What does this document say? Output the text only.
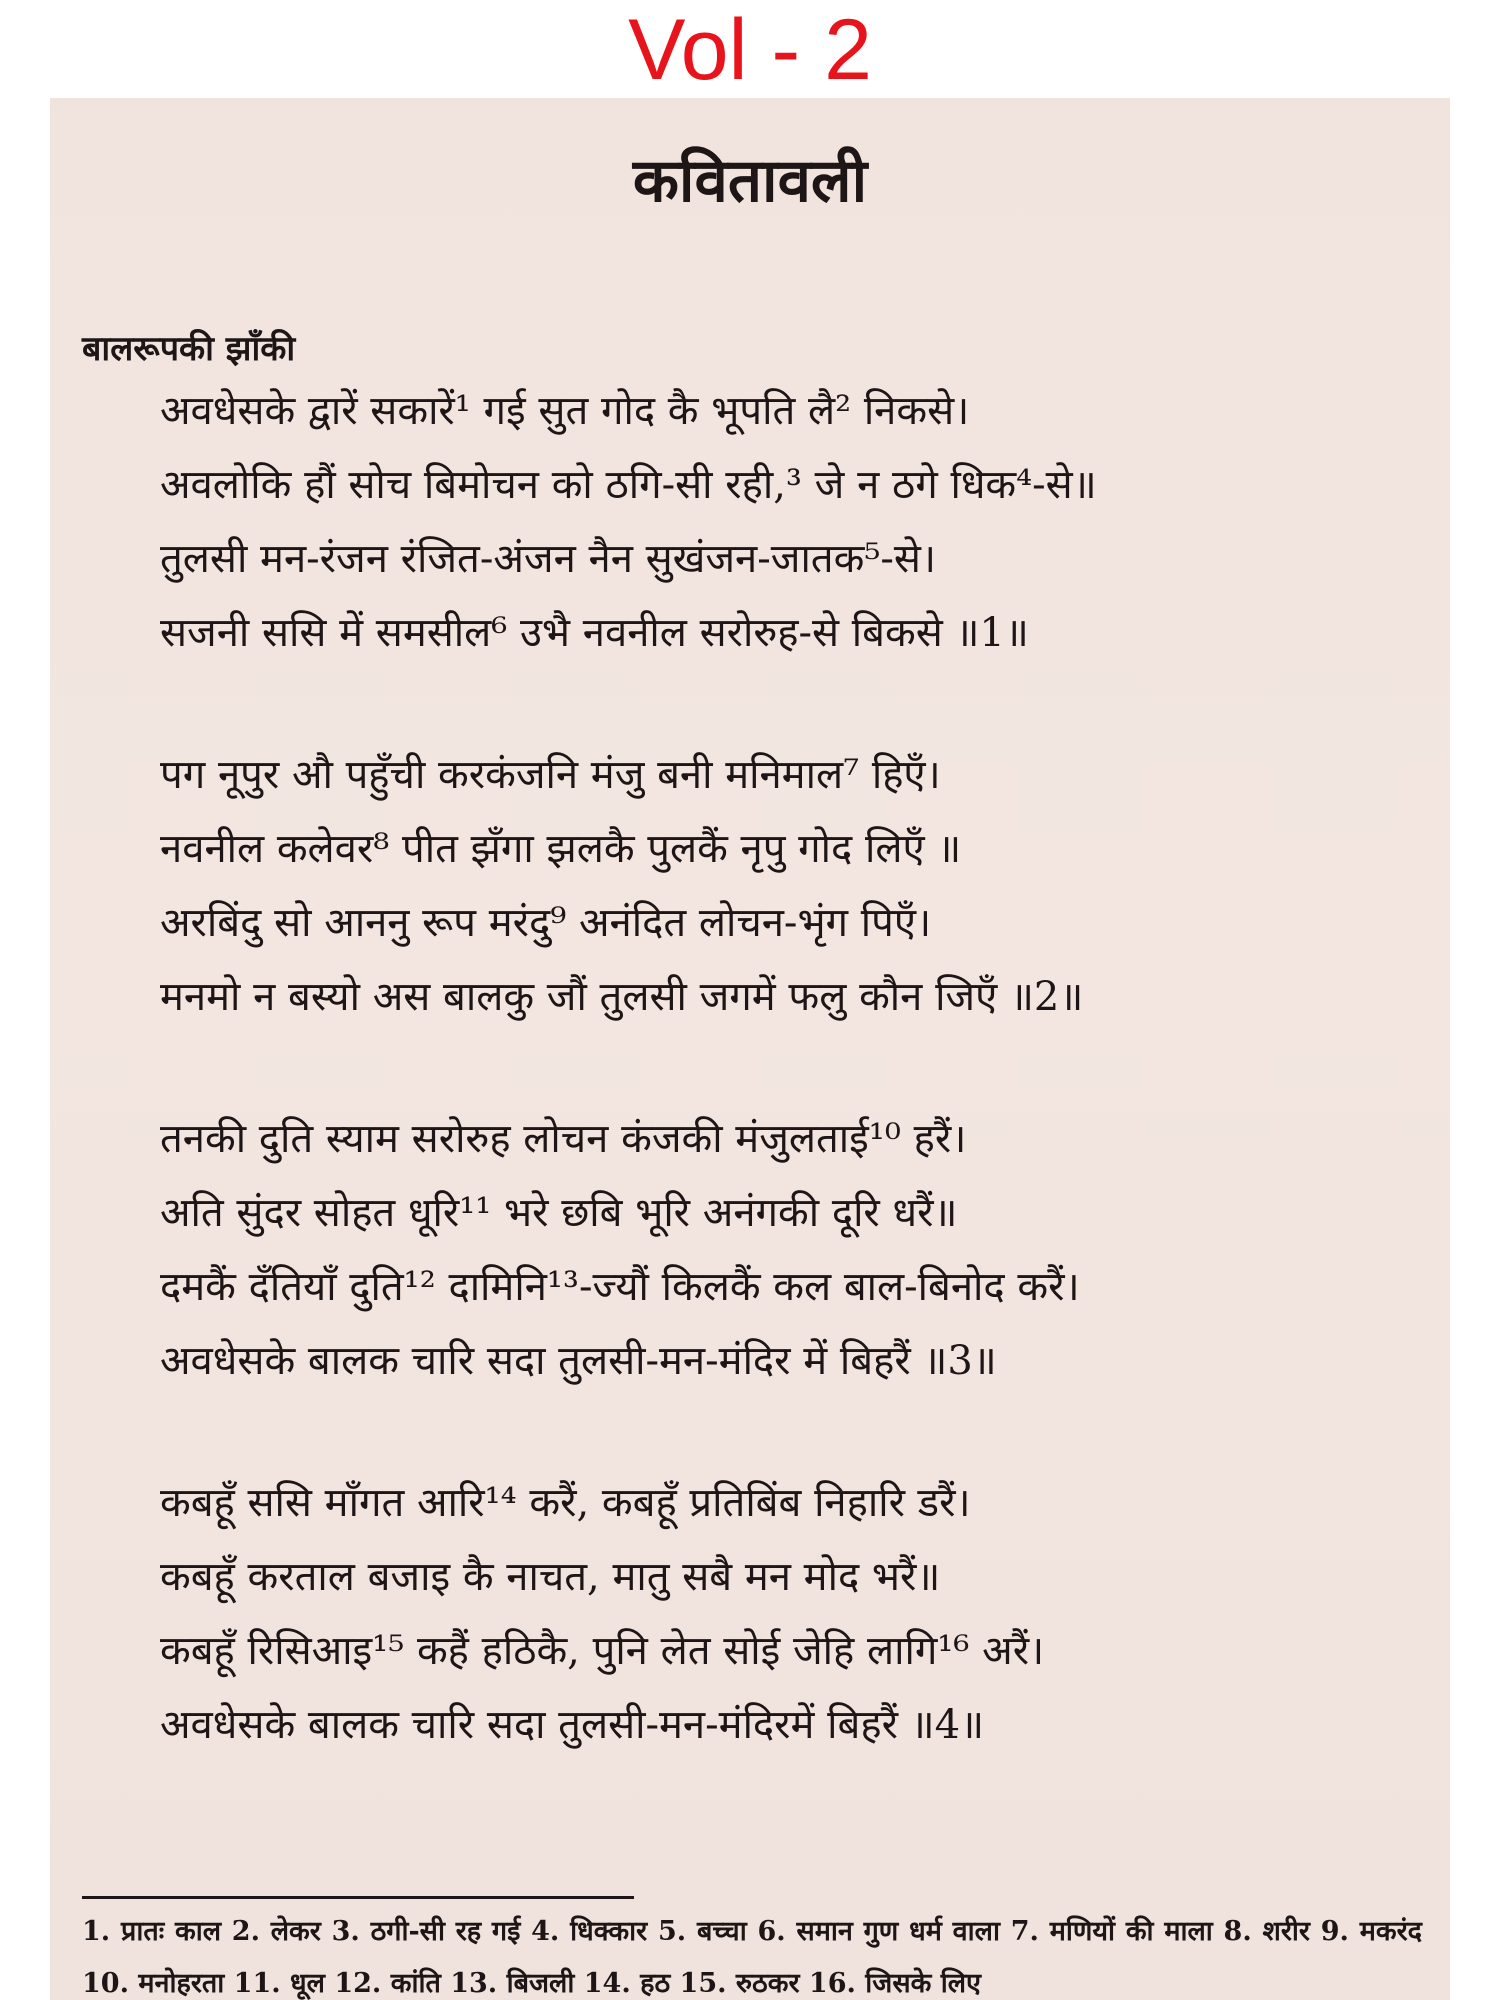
Vol - 2
कवितावली
बालरूपकी झाँकी
अवधेसके द्वारें सकारें¹ गई सुत गोद कै भूपति लै² निकसे।
अवलोकि हौं सोच बिमोचन को ठगि-सी रही,³ जे न ठगे धिक⁴-से॥
तुलसी मन-रंजन रंजित-अंजन नैन सुखंजन-जातक⁵-से।
सजनी ससि में समसील⁶ उभै नवनील सरोरुह-से बिकसे ॥1॥
पग नूपुर औ पहुँची करकंजनि मंजु बनी मनिमाल⁷ हिएँ।
नवनील कलेवर⁸ पीत झँगा झलकै पुलकैं नृपु गोद लिएँ ॥
अरबिंदु सो आननु रूप मरंदु⁹ अनंदित लोचन-भृंग पिएँ।
मनमो न बस्यो अस बालकु जौं तुलसी जगमें फलु कौन जिएँ ॥2॥
तनकी दुति स्याम सरोरुह लोचन कंजकी मंजुलताई¹⁰ हरैं।
अति सुंदर सोहत धूरि¹¹ भरे छबि भूरि अनंगकी दूरि धरैं॥
दमकैं दँतियाँ दुति¹² दामिनि¹³-ज्यौं किलकैं कल बाल-बिनोद करैं।
अवधेसके बालक चारि सदा तुलसी-मन-मंदिर में बिहरैं ॥3॥
कबहूँ ससि माँगत आरि¹⁴ करैं, कबहूँ प्रतिबिंब निहारि डरैं।
कबहूँ करताल बजाइ कै नाचत, मातु सबै मन मोद भरैं॥
कबहूँ रिसिआइ¹⁵ कहैं हठिकै, पुनि लेत सोई जेहि लागि¹⁶ अरैं।
अवधेसके बालक चारि सदा तुलसी-मन-मंदिरमें बिहरैं ॥4॥
1. प्रातः काल 2. लेकर 3. ठगी-सी रह गई 4. धिक्कार 5. बच्चा 6. समान गुण धर्म वाला 7. मणियों की माला 8. शरीर 9. मकरंद 10. मनोहरता 11. धूल 12. कांति 13. बिजली 14. हठ 15. रुठकर 16. जिसके लिए
